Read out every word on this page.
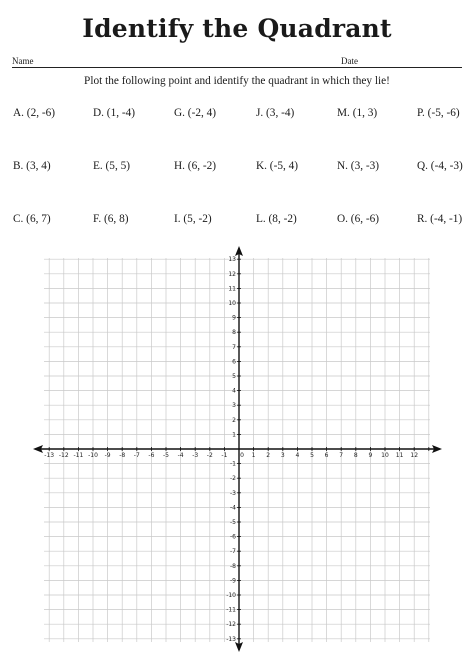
Identify the Quadrant
Name	Date
Plot the following point and identify the quadrant in which they lie!
A. (2, -6)	D. (1, -4)	G. (-2, 4)	J. (3, -4)	M. (1, 3)	P. (-5, -6)
B. (3, 4)	E. (5, 5)	H. (6, -2)	K. (-5, 4)	N. (3, -3)	Q. (-4, -3)
C. (6, 7)	F. (6, 8)	I. (5, -2)	L. (8, -2)	O. (6, -6)	R. (-4, -1)
-13 -12 -11 -10 -9 -8 -7 -6 -5 -4 -3 -2 -1 0 1 2 3 4 5 6 7 8 9 10 11 12
13
12
11
10
9
8
7
6
5
4
3
2
1
-1
-2
-3
-4
-5
-6
-7
-8
-9
-10
-11
-12
-13
